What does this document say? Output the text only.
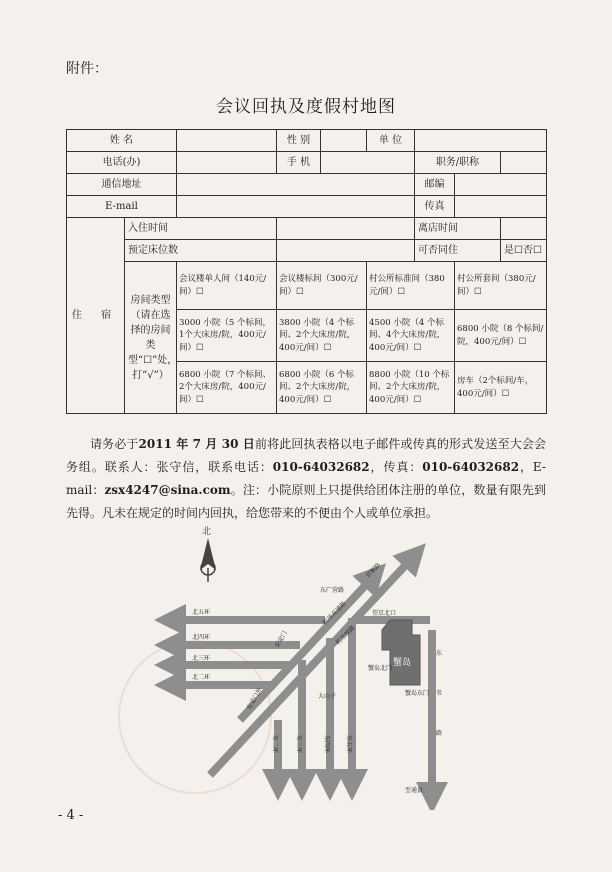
附件：
会议回执及度假村地图
姓 名			性 别		单 位			
电话(办)			手 机			职务/职称		
通信地址						邮编		
E-mail						传真		
住 宿	入住时间					离店时间		
	预定床位数					可否同住		是☐否☐
	房间类型（请在选择的房间类型“☐”处，打“√”）	会议楼单人间（140元/间）☐	会议楼标间（300元/间）☐		村公所标准间（380元/间）☐		村公所套间（380元/间）☐	
		3000 小院（5 个标间，1个大床房/院，400元/间）☐	3800 小院（4 个标间、2个大床房/院，400元/间）☐		4500 小院（4 个标间、4个大床房/院，400元/间）☐		6800 小院（8 个标间/院，400元/间）☐	
		6800 小院（7 个标间、2个大床房/院，400元/间）☐	6800 小院（6 个标间、2个大床房/院，400元/间）☐		8800 小院（10 个标间、2个大床房/院，400元/间）☐		房车（2个标间/车，400元/间）☐	
请务必于2011 年 7 月 30 日前将此回执表格以电子邮件或传真的形式发送至大会会务组。联系人：张守信，联系电话：010-64032682，传真：010-64032682，E-mail：zsx4247@sina.com。注：小院原则上只提供给团体注册的单位，数量有限先到先得。凡未在规定的时间内回执，给您带来的不便由个人或单位承担。
北
蟹岛
京顺路
东广营路
机场高速路
机场辅路
北五环
北四环
北三环
北二环
安定门
安定门外	大山子
东二环	东三环	东四环	东五环
至通县
望京北口
东
苇
路
蟹岛北门
蟹岛东门
- 4 -
